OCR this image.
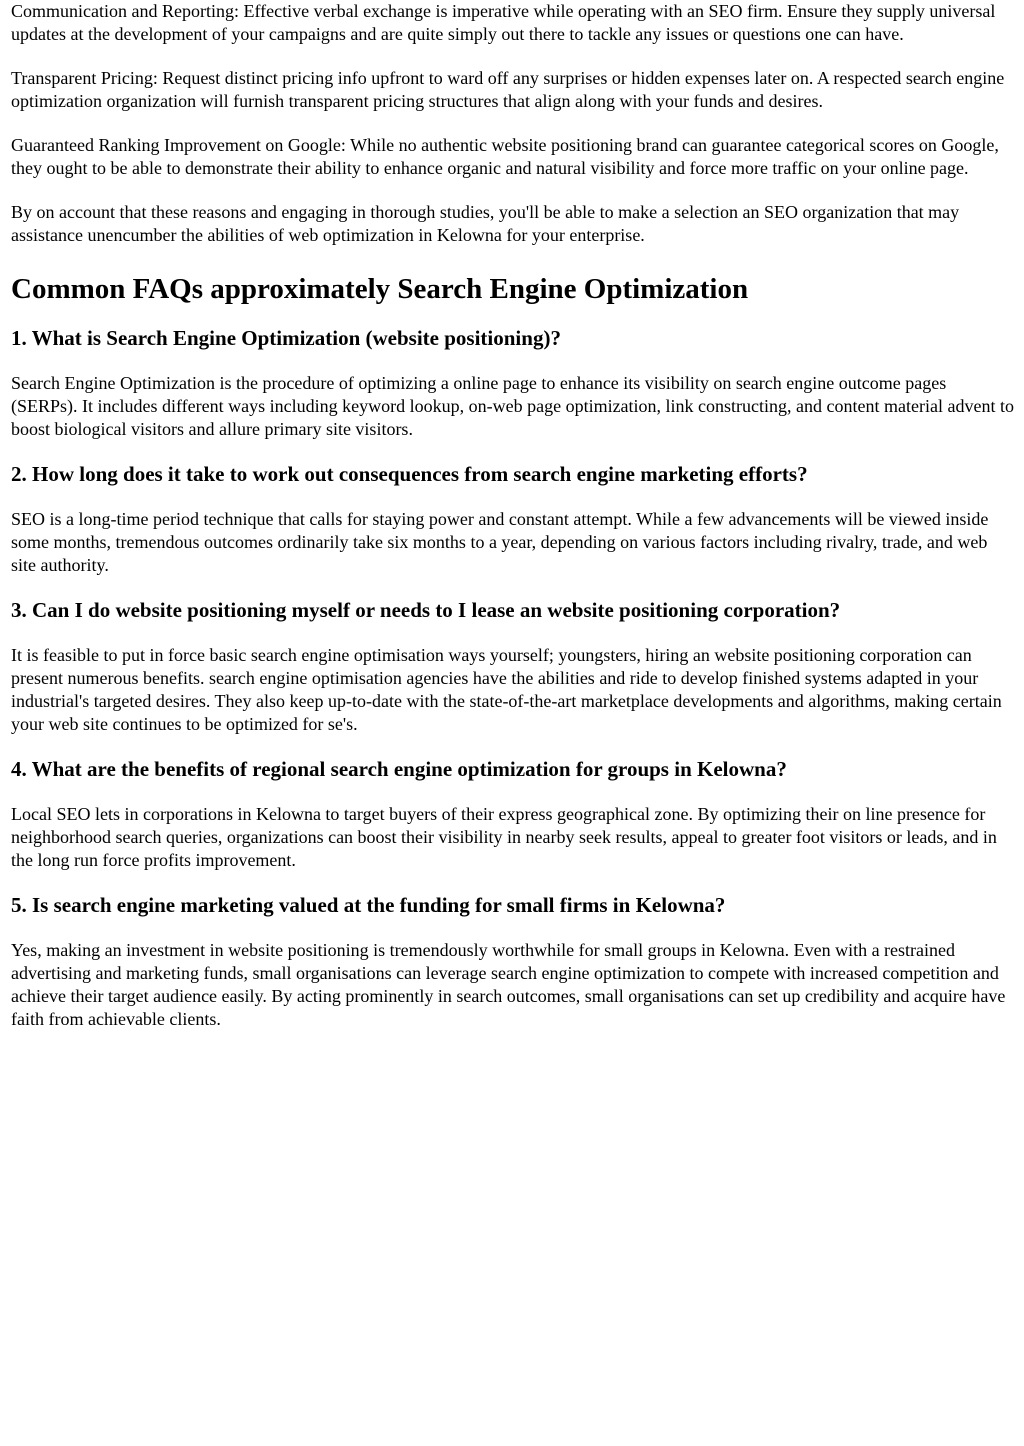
Communication and Reporting: Effective verbal exchange is imperative while operating with an SEO firm. Ensure they supply universal updates at the development of your campaigns and are quite simply out there to tackle any issues or questions one can have.

Transparent Pricing: Request distinct pricing info upfront to ward off any surprises or hidden expenses later on. A respected search engine optimization organization will furnish transparent pricing structures that align along with your funds and desires.

Guaranteed Ranking Improvement on Google: While no authentic website positioning brand can guarantee categorical scores on Google, they ought to be able to demonstrate their ability to enhance organic and natural visibility and force more traffic on your online page.

By on account that these reasons and engaging in thorough studies, you'll be able to make a selection an SEO organization that may assistance unencumber the abilities of web optimization in Kelowna for your enterprise.

Common FAQs approximately Search Engine Optimization
1. What is Search Engine Optimization (website positioning)?

Search Engine Optimization is the procedure of optimizing a online page to enhance its visibility on search engine outcome pages (SERPs). It includes different ways including keyword lookup, on-web page optimization, link constructing, and content material advent to boost biological visitors and allure primary site visitors.

2. How long does it take to work out consequences from search engine marketing efforts?

SEO is a long-time period technique that calls for staying power and constant attempt. While a few advancements will be viewed inside some months, tremendous outcomes ordinarily take six months to a year, depending on various factors including rivalry, trade, and web site authority.

3. Can I do website positioning myself or needs to I lease an website positioning corporation?

It is feasible to put in force basic search engine optimisation ways yourself; youngsters, hiring an website positioning corporation can present numerous benefits. search engine optimisation agencies have the abilities and ride to develop finished systems adapted in your industrial's targeted desires. They also keep up-to-date with the state-of-the-art marketplace developments and algorithms, making certain your web site continues to be optimized for se's.

4. What are the benefits of regional search engine optimization for groups in Kelowna?

Local SEO lets in corporations in Kelowna to target buyers of their express geographical zone. By optimizing their on line presence for neighborhood search queries, organizations can boost their visibility in nearby seek results, appeal to greater foot visitors or leads, and in the long run force profits improvement.

5. Is search engine marketing valued at the funding for small firms in Kelowna?

Yes, making an investment in website positioning is tremendously worthwhile for small groups in Kelowna. Even with a restrained advertising and marketing funds, small organisations can leverage search engine optimization to compete with increased competition and achieve their target audience easily. By acting prominently in search outcomes, small organisations can set up credibility and acquire have faith from achievable clients.
